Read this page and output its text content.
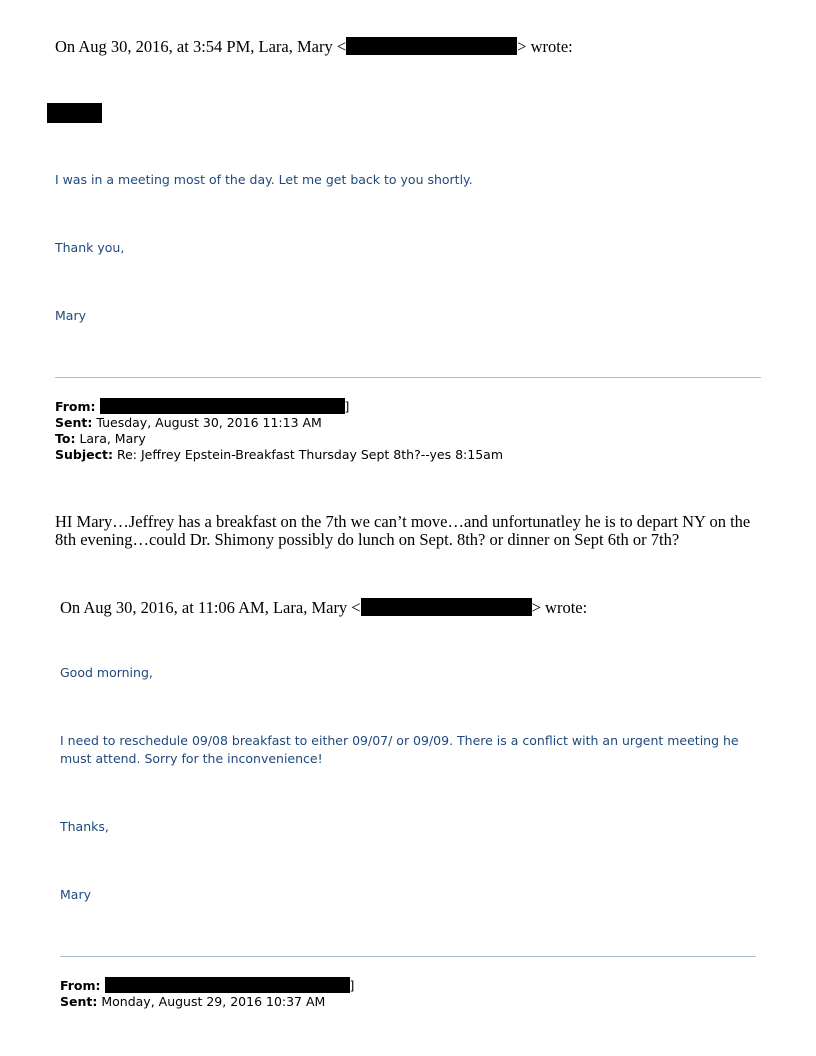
On Aug 30, 2016, at 3:54 PM, Lara, Mary <	> wrote:
I was in a meeting most of the day. Let me get back to you shortly.
Thank you,
Mary
From:	]
Sent: Tuesday, August 30, 2016 11:13 AM
To: Lara, Mary
Subject: Re: Jeffrey Epstein-Breakfast Thursday Sept 8th?--yes 8:15am
HI Mary…Jeffrey has a breakfast on the 7th we can’t move…and unfortunatley he is to depart NY on the 8th evening…could Dr. Shimony possibly do lunch on Sept. 8th? or dinner on Sept 6th or 7th?
On Aug 30, 2016, at 11:06 AM, Lara, Mary <	> wrote:
Good morning,
I need to reschedule 09/08 breakfast to either 09/07/ or 09/09. There is a conflict with an urgent meeting he must attend. Sorry for the inconvenience!
Thanks,
Mary
From:	]
Sent: Monday, August 29, 2016 10:37 AM
